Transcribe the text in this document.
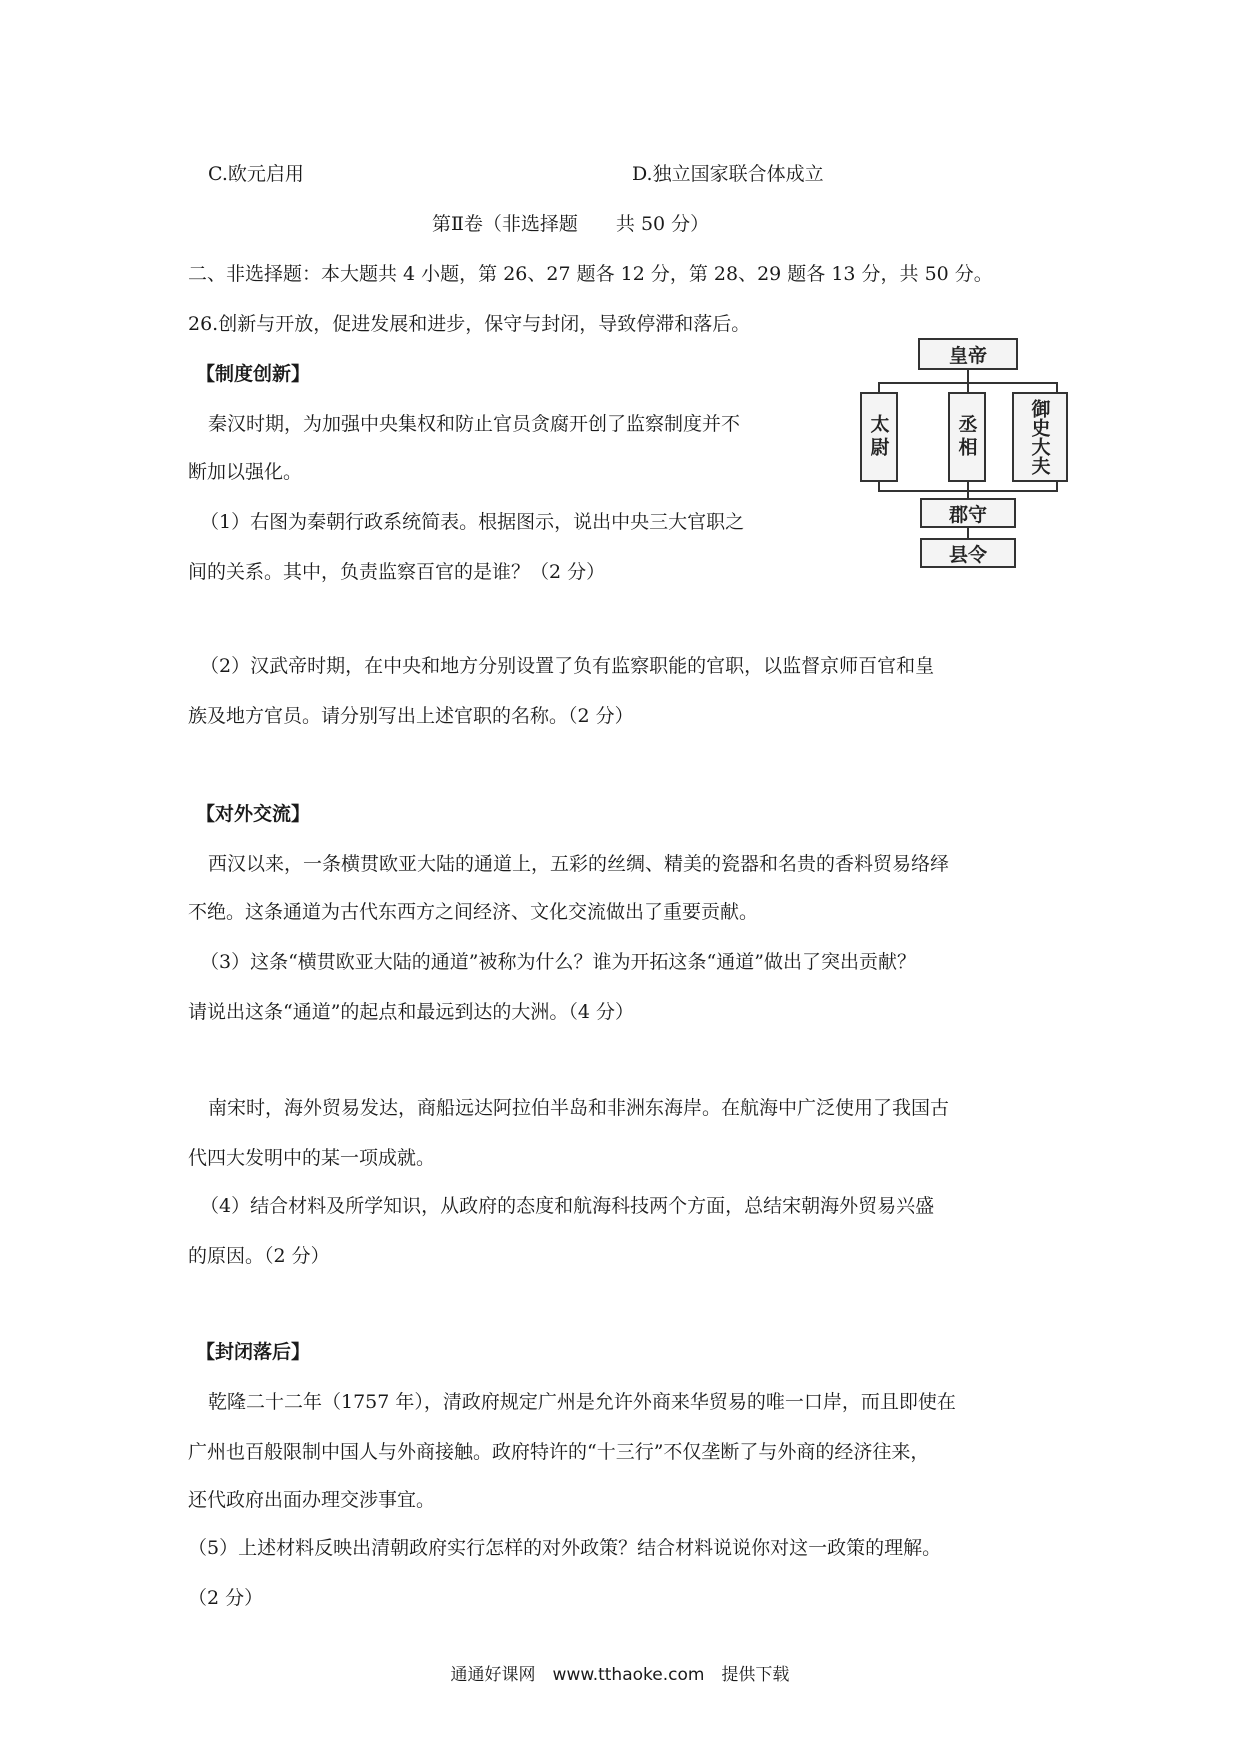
C.欧元启用	D.独立国家联合体成立
第Ⅱ卷（非选择题　　共 50 分）
二、非选择题：本大题共 4 小题，第 26、27 题各 12 分，第 28、29 题各 13 分，共 50 分。
26.创新与开放，促进发展和进步，保守与封闭，导致停滞和落后。
【制度创新】
秦汉时期，为加强中央集权和防止官员贪腐开创了监察制度并不
断加以强化。
（1）右图为秦朝行政系统简表。根据图示，说出中央三大官职之
间的关系。其中，负责监察百官的是谁？（2 分）
皇帝
太尉	丞相	御史大夫
郡守
县令
（2）汉武帝时期，在中央和地方分别设置了负有监察职能的官职，以监督京师百官和皇
族及地方官员。请分别写出上述官职的名称。（2 分）
【对外交流】
西汉以来，一条横贯欧亚大陆的通道上，五彩的丝绸、精美的瓷器和名贵的香料贸易络绎
不绝。这条通道为古代东西方之间经济、文化交流做出了重要贡献。
（3）这条“横贯欧亚大陆的通道”被称为什么？谁为开拓这条“通道”做出了突出贡献？
请说出这条“通道”的起点和最远到达的大洲。（4 分）
南宋时，海外贸易发达，商船远达阿拉伯半岛和非洲东海岸。在航海中广泛使用了我国古
代四大发明中的某一项成就。
（4）结合材料及所学知识，从政府的态度和航海科技两个方面，总结宋朝海外贸易兴盛
的原因。（2 分）
【封闭落后】
乾隆二十二年（1757 年），清政府规定广州是允许外商来华贸易的唯一口岸，而且即使在
广州也百般限制中国人与外商接触。政府特许的“十三行”不仅垄断了与外商的经济往来，
还代政府出面办理交涉事宜。
（5）上述材料反映出清朝政府实行怎样的对外政策？结合材料说说你对这一政策的理解。
（2 分）
通通好课网　www.tthaoke.com　提供下载
